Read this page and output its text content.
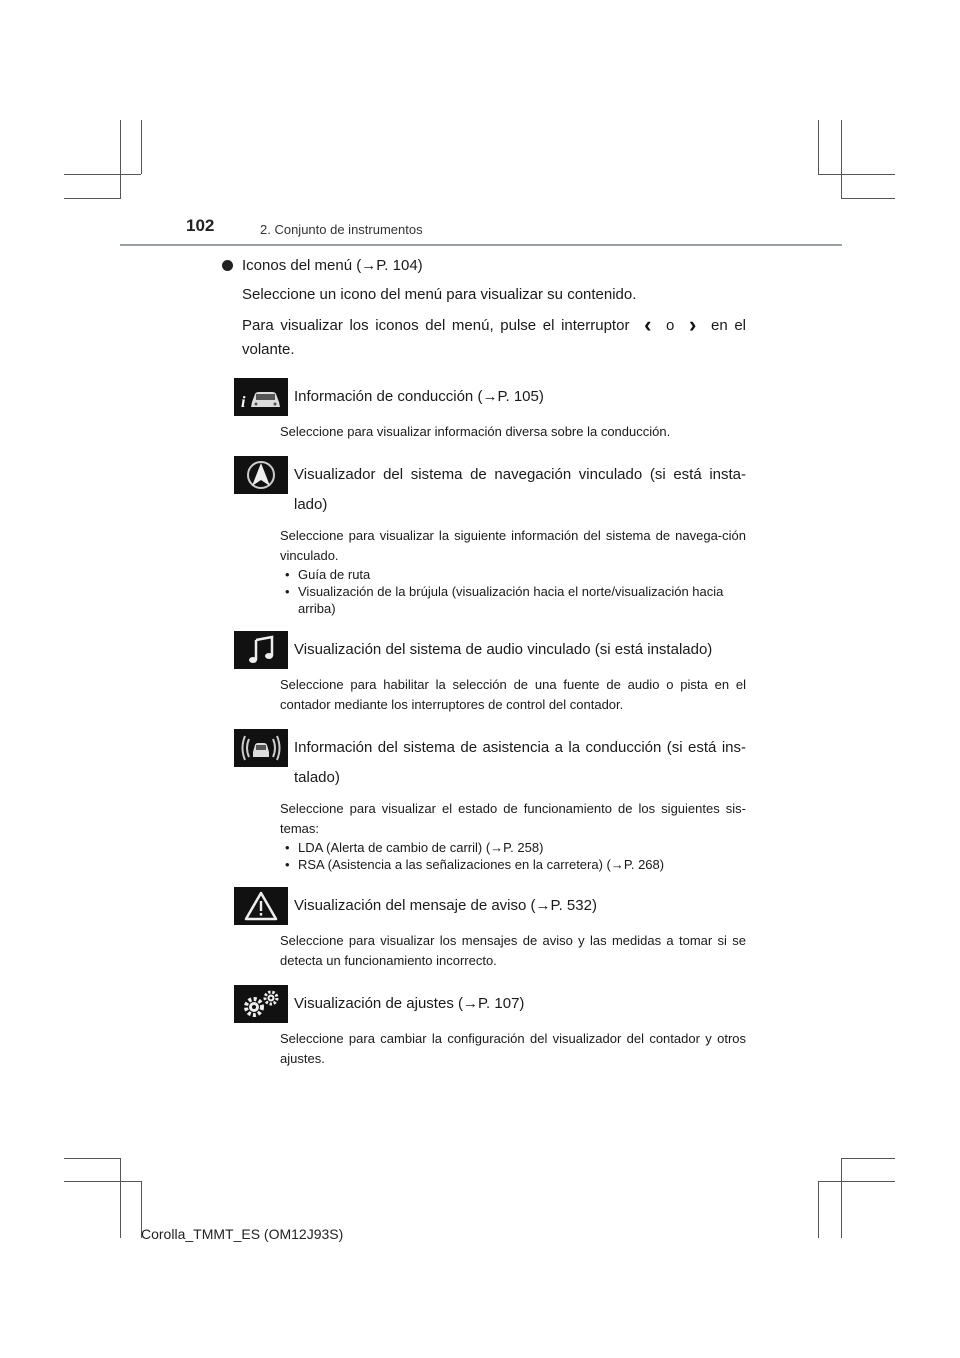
102	2. Conjunto de instrumentos
Iconos del menú (→P. 104)
Seleccione un icono del menú para visualizar su contenido.
Para visualizar los iconos del menú, pulse el interruptor ‹ o › en el volante.
i	Información de conducción (→P. 105)
Seleccione para visualizar información diversa sobre la conducción.
Visualizador del sistema de navegación vinculado (si está insta-lado)
Seleccione para visualizar la siguiente información del sistema de navega-ción vinculado.
• Guía de ruta
• Visualización de la brújula (visualización hacia el norte/visualización hacia arriba)
Visualización del sistema de audio vinculado (si está instalado)
Seleccione para habilitar la selección de una fuente de audio o pista en el contador mediante los interruptores de control del contador.
Información del sistema de asistencia a la conducción (si está ins-talado)
Seleccione para visualizar el estado de funcionamiento de los siguientes sis-temas:
• LDA (Alerta de cambio de carril) (→P. 258)
• RSA (Asistencia a las señalizaciones en la carretera) (→P. 268)
Visualización del mensaje de aviso (→P. 532)
Seleccione para visualizar los mensajes de aviso y las medidas a tomar si se detecta un funcionamiento incorrecto.
Visualización de ajustes (→P. 107)
Seleccione para cambiar la configuración del visualizador del contador y otros ajustes.
Corolla_TMMT_ES (OM12J93S)
